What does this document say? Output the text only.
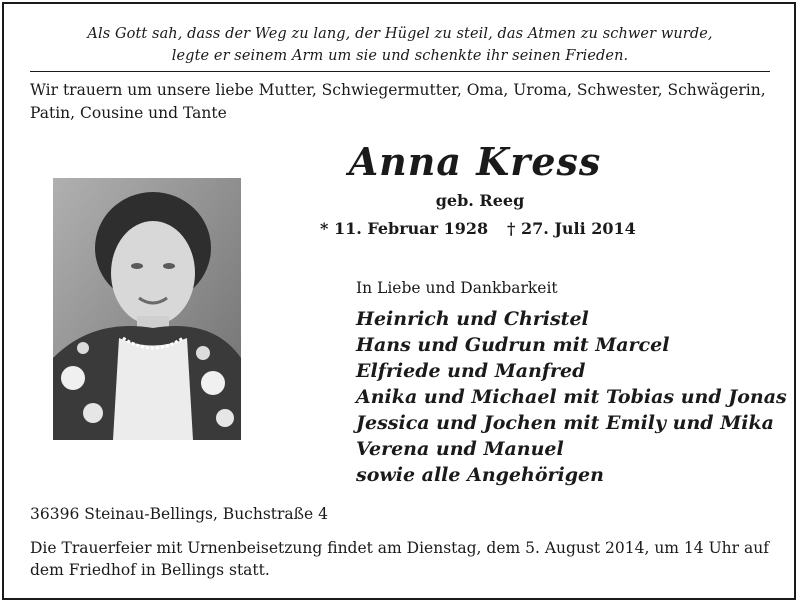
Als Gott sah, dass der Weg zu lang, der Hügel zu steil, das Atmen zu schwer wurde,
legte er seinem Arm um sie und schenkte ihr seinen Frieden.
Wir trauern um unsere liebe Mutter, Schwiegermutter, Oma, Uroma, Schwester, Schwägerin, Patin, Cousine und Tante
Anna Kress
geb. Reeg
* 11. Februar 1928 † 27. Juli 2014
In Liebe und Dankbarkeit
Heinrich und Christel
Hans und Gudrun mit Marcel
Elfriede und Manfred
Anika und Michael mit Tobias und Jonas
Jessica und Jochen mit Emily und Mika
Verena und Manuel
sowie alle Angehörigen
36396 Steinau-Bellings, Buchstraße 4
Die Trauerfeier mit Urnenbeisetzung findet am Dienstag, dem 5. August 2014, um 14 Uhr auf dem Friedhof in Bellings statt.
